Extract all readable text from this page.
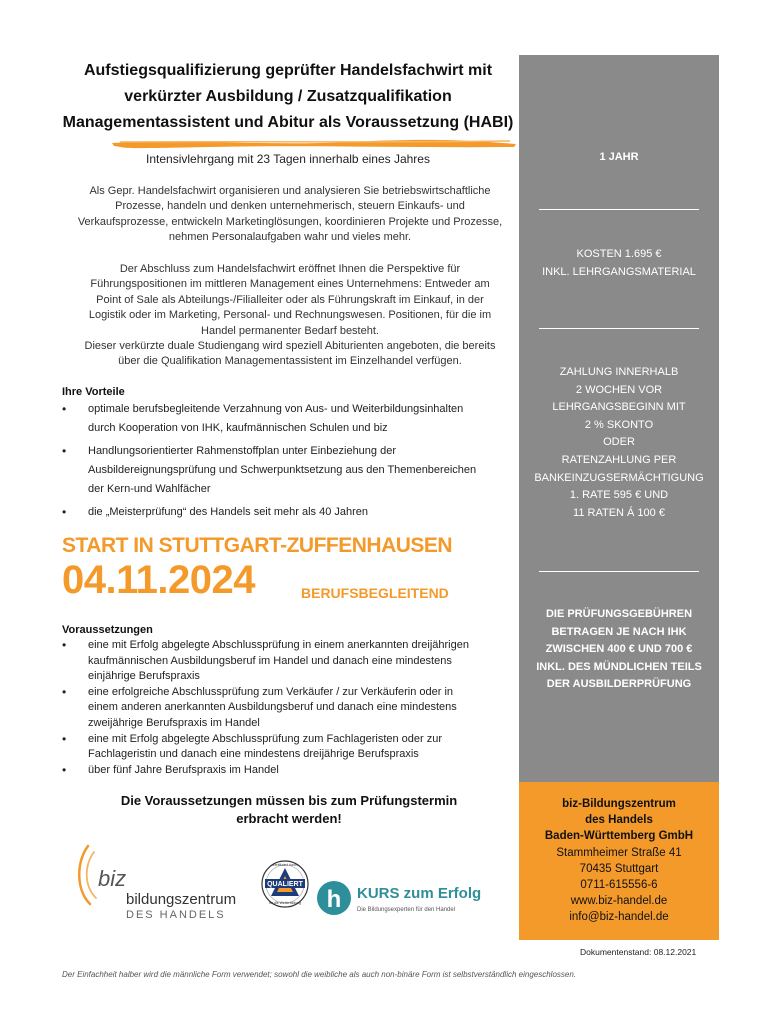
Aufstiegsqualifizierung geprüfter Handelsfachwirt mit
verkürzter Ausbildung / Zusatzqualifikation
Managementassistent und Abitur als Voraussetzung (HABI)
Intensivlehrgang mit 23 Tagen innerhalb eines Jahres
Als Gepr. Handelsfachwirt organisieren und analysieren Sie betriebswirtschaftliche
Prozesse, handeln und denken unternehmerisch, steuern Einkaufs- und
Verkaufsprozesse, entwickeln Marketinglösungen, koordinieren Projekte und Prozesse,
nehmen Personalaufgaben wahr und vieles mehr.
Der Abschluss zum Handelsfachwirt eröffnet Ihnen die Perspektive für
Führungspositionen im mittleren Management eines Unternehmens: Entweder am
Point of Sale als Abteilungs-/Filialleiter oder als Führungskraft im Einkauf, in der
Logistik oder im Marketing, Personal- und Rechnungswesen. Positionen, für die im
Handel permanenter Bedarf besteht.
Dieser verkürzte duale Studiengang wird speziell Abiturienten angeboten, die bereits
über die Qualifikation Managementassistent im Einzelhandel verfügen.
Ihre Vorteile
• optimale berufsbegleitende Verzahnung von Aus- und Weiterbildungsinhalten
durch Kooperation von IHK, kaufmännischen Schulen und biz
• Handlungsorientierter Rahmenstoffplan unter Einbeziehung der
Ausbildereignungsprüfung und Schwerpunktsetzung aus den Themenbereichen
der Kern-und Wahlfächer
• die „Meisterprüfung“ des Handels seit mehr als 40 Jahren
START IN STUTTGART-ZUFFENHAUSEN
04.11.2024	BERUFSBEGLEITEND
Voraussetzungen
• eine mit Erfolg abgelegte Abschlussprüfung in einem anerkannten dreijährigen
kaufmännischen Ausbildungsberuf im Handel und danach eine mindestens
einjährige Berufspraxis
• eine erfolgreiche Abschlussprüfung zum Verkäufer / zur Verkäuferin oder in
einem anderen anerkannten Ausbildungsberuf und danach eine mindestens
zweijährige Berufspraxis im Handel
• eine mit Erfolg abgelegte Abschlussprüfung zum Fachlageristen oder zur
Fachlageristin und danach eine mindestens dreijährige Berufspraxis
• über fünf Jahre Berufspraxis im Handel
Die Voraussetzungen müssen bis zum Prüfungstermin
erbracht werden!
biz
bildungszentrum
DES HANDELS
QUALIERT
Zertifiziert durch
für die Weiterbildung h KURS zum Erfolg
Die Bildungsexperten für den Handel
1 JAHR
KOSTEN 1.695 €
INKL. LEHRGANGSMATERIAL
ZAHLUNG INNERHALB
2 WOCHEN VOR
LEHRGANGSBEGINN MIT
2 % SKONTO
ODER
RATENZAHLUNG PER
BANKEINZUGSERMÄCHTIGUNG
1. RATE 595 € UND
11 RATEN Á 100 €
DIE PRÜFUNGSGEBÜHREN
BETRAGEN JE NACH IHK
ZWISCHEN 400 € UND 700 €
INKL. DES MÜNDLICHEN TEILS
DER AUSBILDERPRÜFUNG
biz-Bildungszentrum
des Handels
Baden-Württemberg GmbH
Stammheimer Straße 41
70435 Stuttgart
0711-615556-6
www.biz-handel.de
info@biz-handel.de
Dokumentenstand: 08.12.2021
Der Einfachheit halber wird die männliche Form verwendet; sowohl die weibliche als auch non-binäre Form ist selbstverständlich eingeschlossen.
